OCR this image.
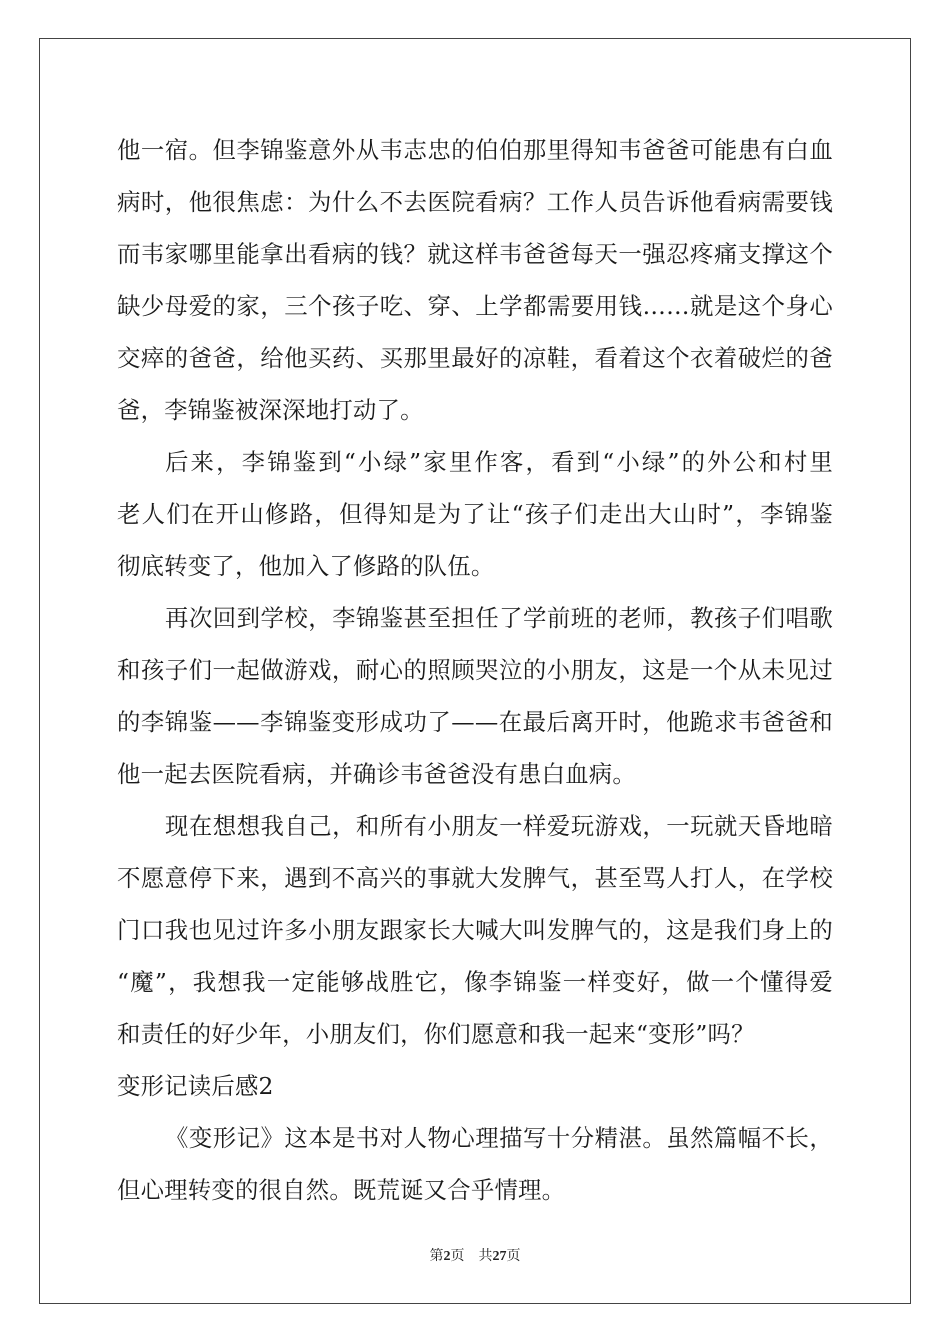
他一宿。但李锦鉴意外从韦志忠的伯伯那里得知韦爸爸可能患有白血
病时，他很焦虑：为什么不去医院看病？工作人员告诉他看病需要钱
而韦家哪里能拿出看病的钱？就这样韦爸爸每天一强忍疼痛支撑这个
缺少母爱的家，三个孩子吃、穿、上学都需要用钱……就是这个身心
交瘁的爸爸，给他买药、买那里最好的凉鞋，看着这个衣着破烂的爸
爸，李锦鉴被深深地打动了。
后来，李锦鉴到“小绿”家里作客，看到“小绿”的外公和村里
老人们在开山修路，但得知是为了让“孩子们走出大山时”，李锦鉴
彻底转变了，他加入了修路的队伍。
再次回到学校，李锦鉴甚至担任了学前班的老师，教孩子们唱歌
和孩子们一起做游戏，耐心的照顾哭泣的小朋友，这是一个从未见过
的李锦鉴——李锦鉴变形成功了——在最后离开时，他跪求韦爸爸和
他一起去医院看病，并确诊韦爸爸没有患白血病。
现在想想我自己，和所有小朋友一样爱玩游戏，一玩就天昏地暗
不愿意停下来，遇到不高兴的事就大发脾气，甚至骂人打人，在学校
门口我也见过许多小朋友跟家长大喊大叫发脾气的，这是我们身上的
“魔”，我想我一定能够战胜它，像李锦鉴一样变好，做一个懂得爱
和责任的好少年，小朋友们，你们愿意和我一起来“变形”吗？
变形记读后感2
《变形记》这本是书对人物心理描写十分精湛。虽然篇幅不长，
但心理转变的很自然。既荒诞又合乎情理。
第2页 共27页
